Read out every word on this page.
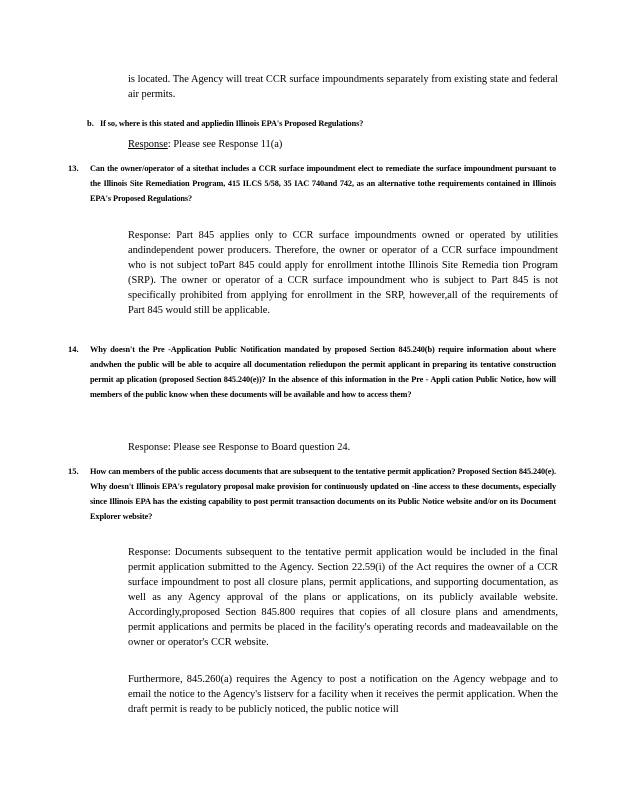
is located. The Agency will treat CCR surface impoundments separately from existing state and federal air permits.
b. If so, where is this stated and appliedin Illinois EPA's Proposed Regulations?
Response: Please see Response 11(a)
13. Can the owner/operator of a sitethat includes a CCR surface impoundment elect to remediate the surface impoundment pursuant to the Illinois Site Remediation Program, 415 ILCS 5/58, 35 IAC 740and 742, as an alternative tothe requirements contained in Illinois EPA's Proposed Regulations?
Response: Part 845 applies only to CCR surface impoundments owned or operated by utilities andindependent power producers. Therefore, the owner or operator of a CCR surface impoundment who is not subject toPart 845 could apply for enrollment intothe Illinois Site Remedia tion Program (SRP). The owner or operator of a CCR surface impoundment who is subject to Part 845 is not specifically prohibited from applying for enrollment in the SRP, however,all of the requirements of Part 845 would still be applicable.
14. Why doesn't the Pre -Application Public Notification mandated by proposed Section 845.240(b) require information about where andwhen the public will be able to acquire all documentation reliedupon the permit applicant in preparing its tentative construction permit ap plication (proposed Section 845.240(e))? In the absence of this information in the Pre - Appli cation Public Notice, how will members of the public know when these documents will be available and how to access them?
Response: Please see Response to Board question 24.
15. How can members of the public access documents that are subsequent to the tentative permit application? Proposed Section 845.240(e). Why doesn't Illinois EPA's regulatory proposal make provision for continuously updated on -line access to these documents, especially since Illinois EPA has the existing capability to post permit transaction documents on its Public Notice website and/or on its Document Explorer website?
Response: Documents subsequent to the tentative permit application would be included in the final permit application submitted to the Agency. Section 22.59(i) of the Act requires the owner of a CCR surface impoundment to post all closure plans, permit applications, and supporting documentation, as well as any Agency approval of the plans or applications, on its publicly available website. Accordingly,proposed Section 845.800 requires that copies of all closure plans and amendments, permit applications and permits be placed in the facility's operating records and madeavailable on the owner or operator's CCR website.
Furthermore, 845.260(a) requires the Agency to post a notification on the Agency webpage and to email the notice to the Agency's listserv for a facility when it receives the permit application. When the draft permit is ready to be publicly noticed, the public notice will
